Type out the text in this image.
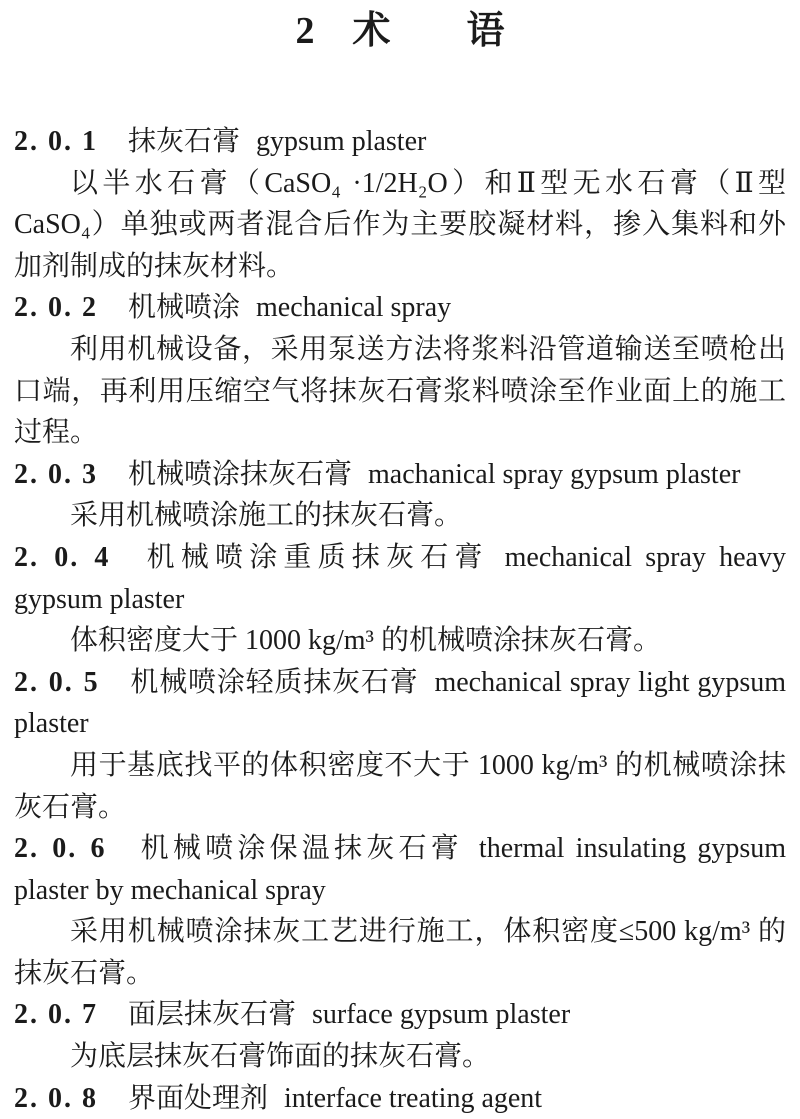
2　术　　语

2. 0. 1 抹灰石膏 gypsum plaster

以半水石膏（CaSO₄ ·1/2H₂O）和Ⅱ型无水石膏（Ⅱ型 CaSO₄）单独或两者混合后作为主要胶凝材料，掺入集料和外加剂制成的抹灰材料。

2. 0. 2 机械喷涂 mechanical spray

利用机械设备，采用泵送方法将浆料沿管道输送至喷枪出口端，再利用压缩空气将抹灰石膏浆料喷涂至作业面上的施工过程。

2. 0. 3 机械喷涂抹灰石膏 machanical spray gypsum plaster

采用机械喷涂施工的抹灰石膏。

2. 0. 4 机械喷涂重质抹灰石膏 mechanical spray heavy gypsum plaster

体积密度大于 1000 kg/m³ 的机械喷涂抹灰石膏。

2. 0. 5 机械喷涂轻质抹灰石膏 mechanical spray light gypsum plaster

用于基底找平的体积密度不大于 1000 kg/m³ 的机械喷涂抹灰石膏。

2. 0. 6 机械喷涂保温抹灰石膏 thermal insulating gypsum plaster by mechanical spray

采用机械喷涂抹灰工艺进行施工，体积密度≤500 kg/m³ 的抹灰石膏。

2. 0. 7 面层抹灰石膏 surface gypsum plaster

为底层抹灰石膏饰面的抹灰石膏。

2. 0. 8 界面处理剂 interface treating agent
